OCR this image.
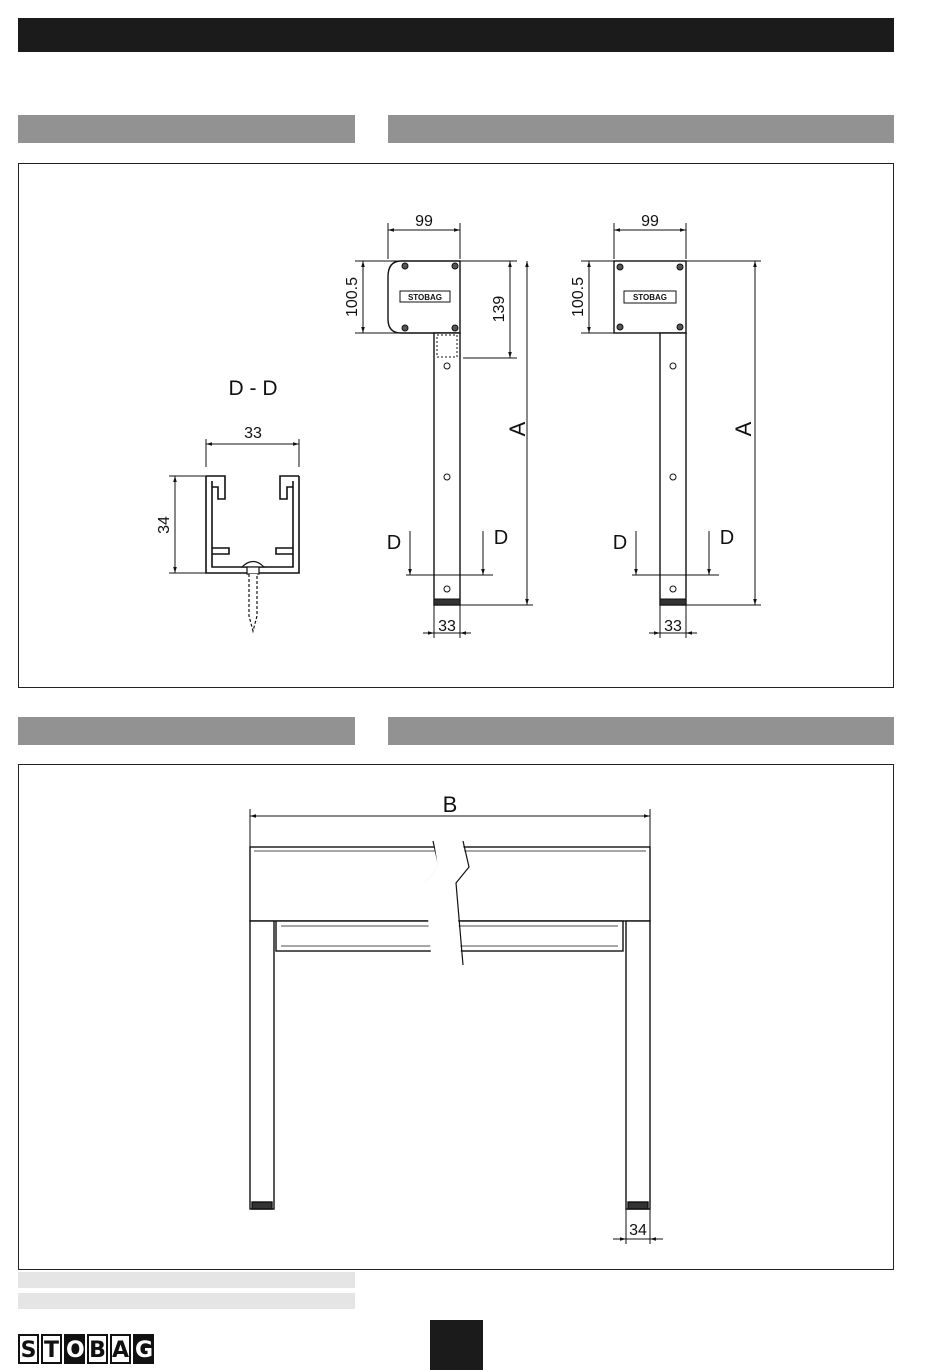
D - D
33
34
99
100.5	139
A
33
STOBAG
D	D
99
100.5
A
33
STOBAG
D	D
B
34
S T O B A G
